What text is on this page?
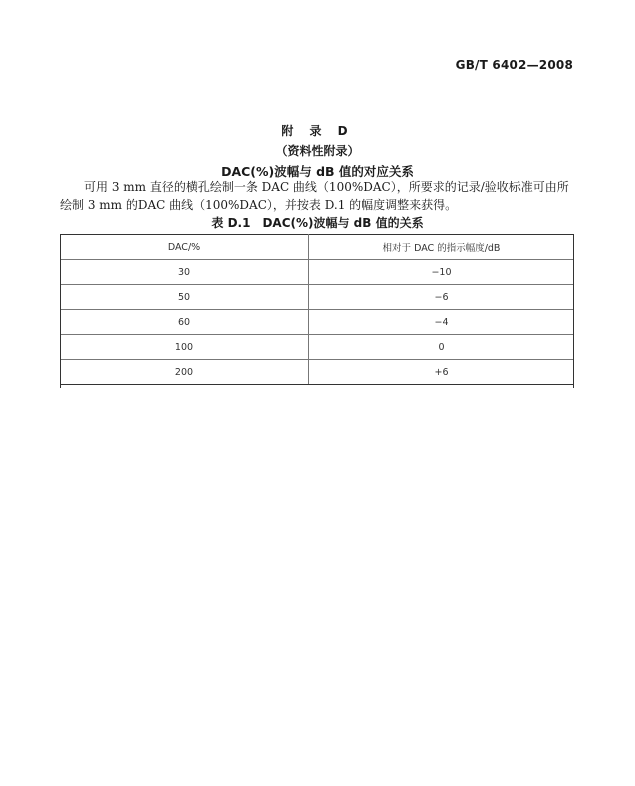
GB/T 6402—2008
附 录 D
（资料性附录）
DAC(%)波幅与 dB 值的对应关系

可用 3 mm 直径的横孔绘制一条 DAC 曲线（100%DAC），所要求的记录/验收标准可由所绘制 3 mm 的DAC 曲线（100%DAC），并按表 D.1 的幅度调整来获得。

表 D.1　DAC(%)波幅与 dB 值的关系
DAC/%	相对于 DAC 的指示幅度/dB
30	−10
50	−6
60	−4
100	0
200	+6
